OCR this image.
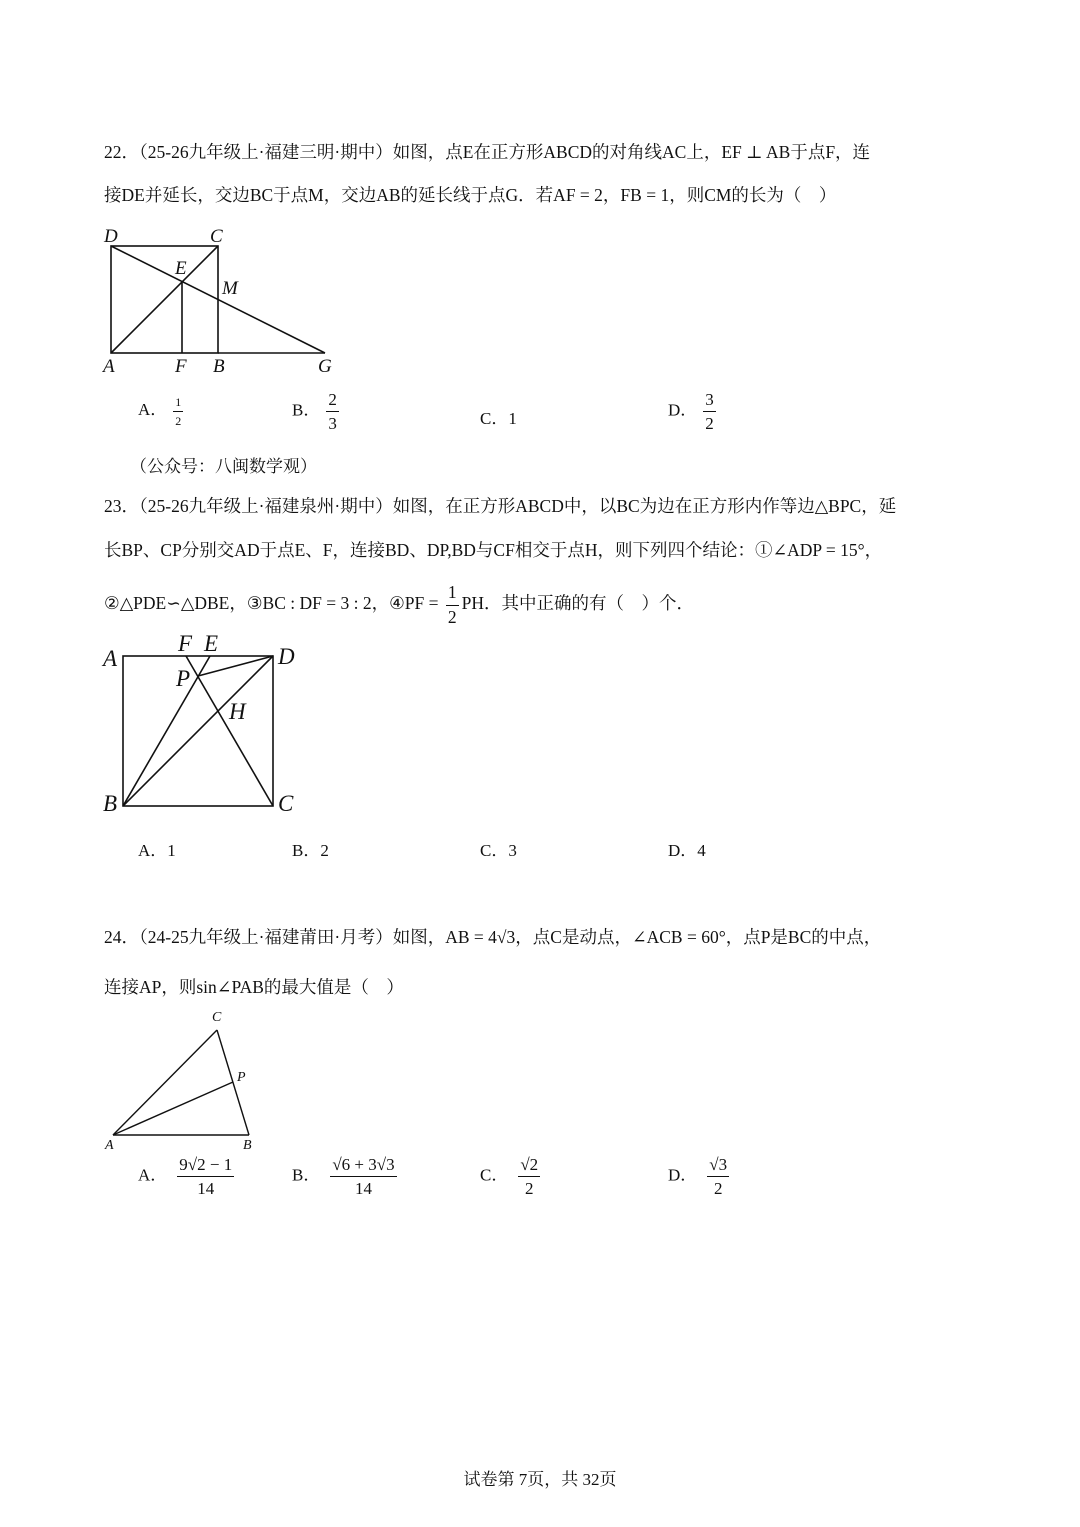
22．（25-26九年级上·福建三明·期中）如图，点E在正方形ABCD的对角线AC上，EF ⊥ AB于点F，连
接DE并延长，交边BC于点M，交边AB的延长线于点G．若AF = 2，FB = 1，则CM的长为（　）
D	C
E
M
A	F B	G
A． $\frac{1}{2}$	B． $\frac{2}{3}$	C．1	D． $\frac{3}{2}$
（公众号：八闽数学观）
23．（25-26九年级上·福建泉州·期中）如图，在正方形ABCD中，以BC为边在正方形内作等边△BPC，延
长BP、CP分别交AD于点E、F，连接BD、DP,BD与CF相交于点H，则下列四个结论：①∠ADP = 15°，
②△PDE∽△DBE，③BC : DF = 3 : 2，④PF = $\frac{1}{2}$ PH．其中正确的有（　）个．
A
F E
D
P
H
B	C
A．1	B．2	C．3	D．4
24．（24-25九年级上·福建莆田·月考）如图，AB = 4√3，点C是动点，∠ACB = 60°，点P是BC的中点，
连接AP，则sin∠PAB的最大值是（　）
C
P
A	B
A． $\frac{9√2 - 1}{14}$	B． $\frac{√6 + 3√3}{14}$	C． $\frac{√2}{2}$	D． $\frac{√3}{2}$
试卷第 7页，共 32页
